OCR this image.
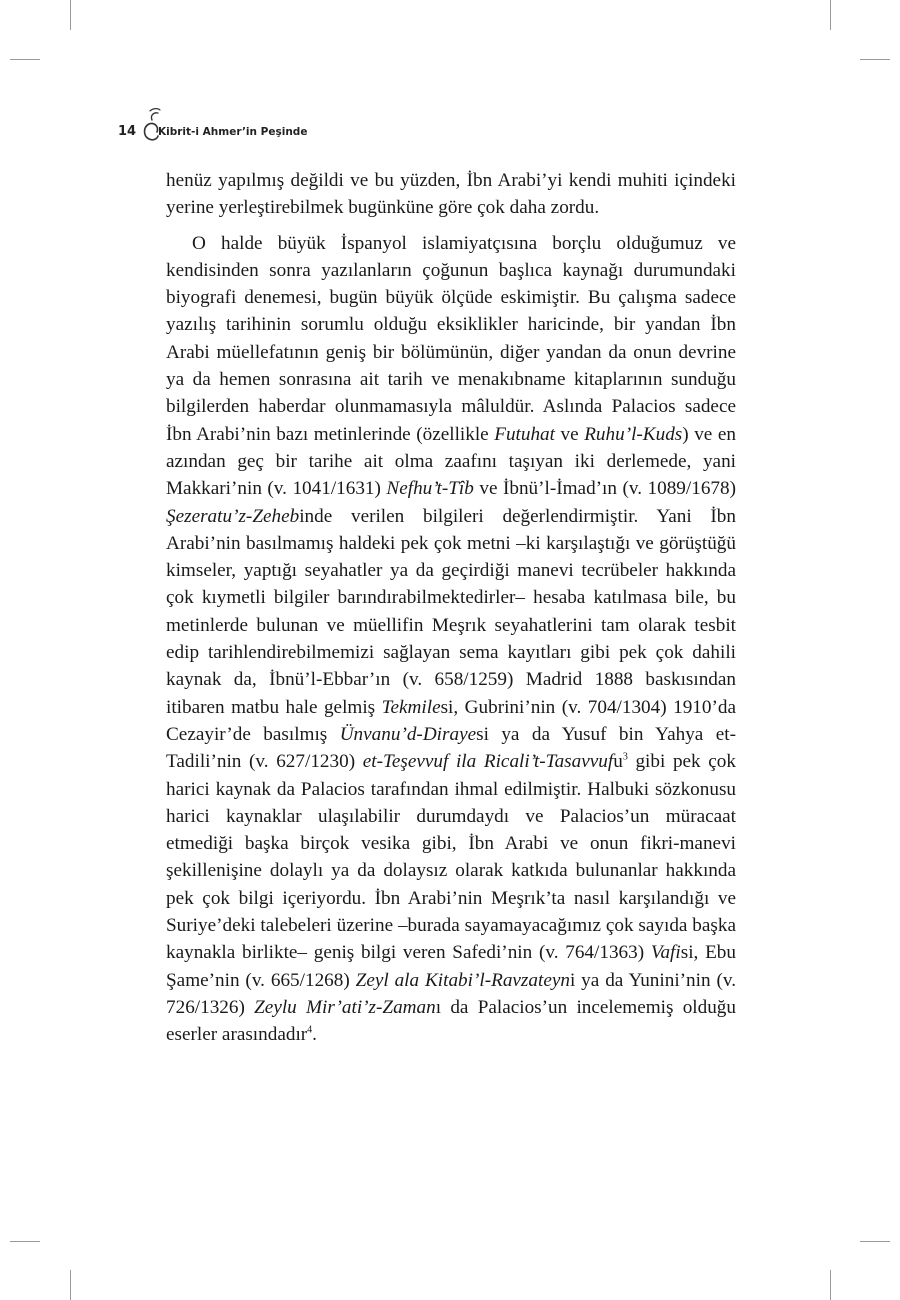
14 Kibrit-i Ahmer’in Peşinde

henüz yapılmış değildi ve bu yüzden, İbn Arabi’yi kendi muhiti içindeki yerine yerleştirebilmek bugünküne göre çok daha zordu.

O halde büyük İspanyol islamiyatçısına borçlu olduğumuz ve kendisinden sonra yazılanların çoğunun başlıca kaynağı durumundaki biyografi denemesi, bugün büyük ölçüde eskimiştir. Bu çalışma sadece yazılış tarihinin sorumlu olduğu eksiklikler haricinde, bir yandan İbn Arabi müellefatının geniş bir bölümünün, diğer yandan da onun devrine ya da hemen sonrasına ait tarih ve menakıbname kitaplarının sunduğu bilgilerden haberdar olunmamasıyla mâluldür. Aslında Palacios sadece İbn Arabi’nin bazı metinlerinde (özellikle Futuhat ve Ruhu’l-Kuds) ve en azından geç bir tarihe ait olma zaafını taşıyan iki derlemede, yani Makkari’nin (v. 1041/1631) Nefhu’t-Tîb ve İbnü’l-İmad’ın (v. 1089/1678) Şezeratu’z-Zehebinde verilen bilgileri değerlendirmiştir. Yani İbn Arabi’nin basılmamış haldeki pek çok metni –ki karşılaştığı ve görüştüğü kimseler, yaptığı seyahatler ya da geçirdiği manevi tecrübeler hakkında çok kıymetli bilgiler barındırabilmektedirler– hesaba katılmasa bile, bu metinlerde bulunan ve müellifin Meşrık seyahatlerini tam olarak tesbit edip tarihlendirebilmemizi sağlayan sema kayıtları gibi pek çok dahili kaynak da, İbnü’l-Ebbar’ın (v. 658/1259) Madrid 1888 baskısından itibaren matbu hale gelmiş Tekmilesi, Gubrini’nin (v. 704/1304) 1910’da Cezayir’de basılmış Ünvanu’d-Dirayesi ya da Yusuf bin Yahya et-Tadili’nin (v. 627/1230) et-Teşevvuf ila Ricali’t-Tasavvufu$^3$ gibi pek çok harici kaynak da Palacios tarafından ihmal edilmiştir. Halbuki sözkonusu harici kaynaklar ulaşılabilir durumdaydı ve Palacios’un müracaat etmediği başka birçok vesika gibi, İbn Arabi ve onun fikri-manevi şekillenişine dolaylı ya da dolaysız olarak katkıda bulunanlar hakkında pek çok bilgi içeriyordu. İbn Arabi’nin Meşrık’ta nasıl karşılandığı ve Suriye’deki talebeleri üzerine –burada sayamayacağımız çok sayıda başka kaynakla birlikte– geniş bilgi veren Safedi’nin (v. 764/1363) Vafisi, Ebu Şame’nin (v. 665/1268) Zeyl ala Kitabi’l-Ravzateyni ya da Yunini’nin (v. 726/1326) Zeylu Mir’ati’z-Zamanı da Palacios’un incelememiş olduğu eserler arasındadır$^4$.
